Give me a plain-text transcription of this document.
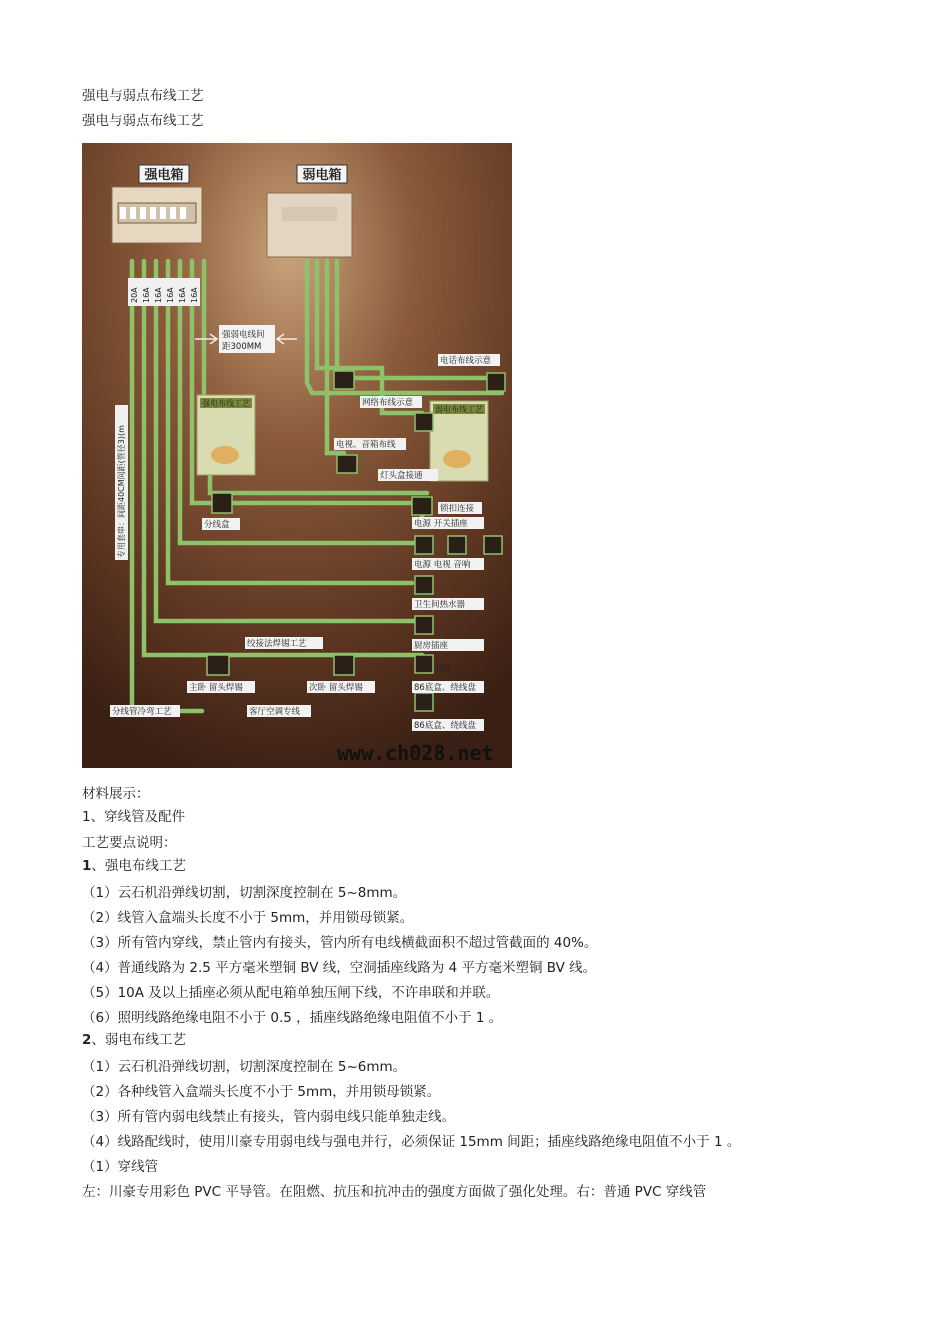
强电与弱点布线工艺
强电与弱点布线工艺
强电箱	弱电箱
20A 16A 16A 16A 16A 16A
强弱电线间
距300MM
专用套串：间距40CM间距(管径3)(m
强电布线工艺
弱电布线工艺
电话布线示意
网络布线示意
电视、音箱布线
灯头盒接通
锁扣连接
分线盒	电源 开关插座
电源 电视 音响
卫生间热水器
厨房插座
书房
绞接法焊锡工艺
主卧 留头焊锡	次卧 留头焊锡	86底盒、绕线盘
分线管冷弯工艺	客厅空调专线
86底盒、绕线盘
www.ch028.net
材料展示：
1、穿线管及配件
工艺要点说明：
1、强电布线工艺
（1）云石机沿弹线切割，切割深度控制在 5~8mm。
（2）线管入盒端头长度不小于 5mm，并用锁母锁紧。
（3）所有管内穿线，禁止管内有接头，管内所有电线横截面积不超过管截面的 40%。
（4）普通线路为 2.5 平方毫米塑铜 BV 线，空洞插座线路为 4 平方毫米塑铜 BV 线。
（5）10A 及以上插座必须从配电箱单独压闸下线，不许串联和并联。
（6）照明线路绝缘电阻不小于 0.5 ，插座线路绝缘电阻值不小于 1 。
2、弱电布线工艺
（1）云石机沿弹线切割，切割深度控制在 5~6mm。
（2）各种线管入盒端头长度不小于 5mm，并用锁母锁紧。
（3）所有管内弱电线禁止有接头，管内弱电线只能单独走线。
（4）线路配线时，使用川豪专用弱电线与强电并行，必须保证 15mm 间距；插座线路绝缘电阻值不小于 1 。
（1）穿线管
左：川豪专用彩色 PVC 平导管。在阻燃、抗压和抗冲击的强度方面做了强化处理。右：普通 PVC 穿线管
